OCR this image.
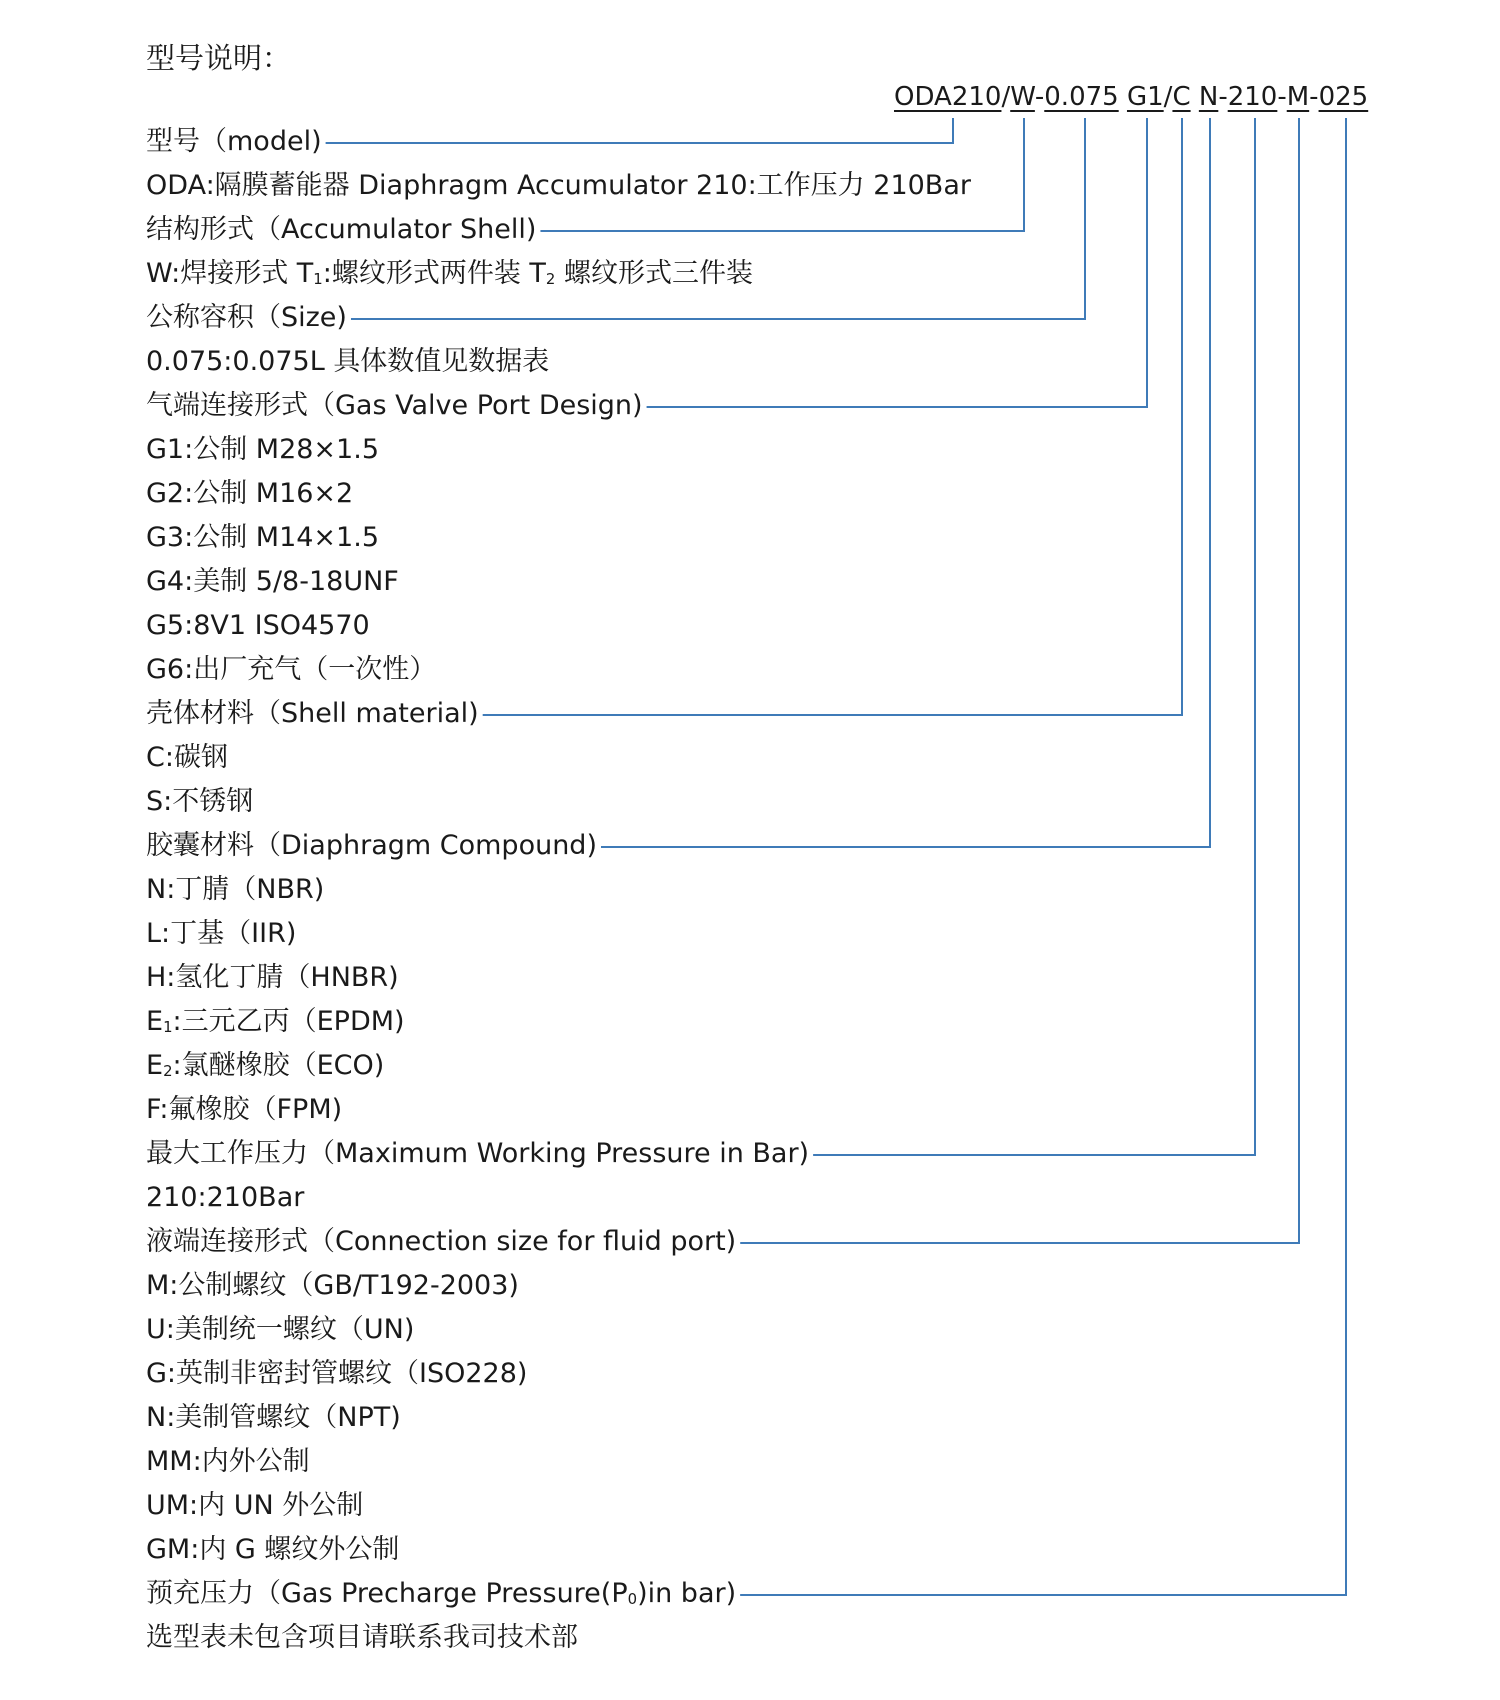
型号说明：
ODA210/W-0.075 G1/C N-210-M-025
型号（model)
ODA:隔膜蓄能器 Diaphragm Accumulator 210:工作压力 210Bar
结构形式（Accumulator Shell)
W:焊接形式 $T_1$:螺纹形式两件装 $T_2$ 螺纹形式三件装
公称容积（Size)
0.075:0.075L 具体数值见数据表
气端连接形式（Gas Valve Port Design)
G1:公制 M28×1.5
G2:公制 M16×2
G3:公制 M14×1.5
G4:美制 5/8-18UNF
G5:8V1 ISO4570
G6:出厂充气（一次性）
壳体材料（Shell material)
C:碳钢
S:不锈钢
胶囊材料（Diaphragm Compound)
N:丁腈（NBR)
L:丁基（IIR)
H:氢化丁腈（HNBR)
$E_1$:三元乙丙（EPDM)
$E_2$:氯醚橡胶（ECO)
F:氟橡胶（FPM)
最大工作压力（Maximum Working Pressure in Bar)
210:210Bar
液端连接形式（Connection size for fluid port)
M:公制螺纹（GB/T192-2003)
U:美制统一螺纹（UN)
G:英制非密封管螺纹（ISO228)
N:美制管螺纹（NPT)
MM:内外公制
UM:内 UN 外公制
GM:内 G 螺纹外公制
预充压力（Gas Precharge $Pressure(P_0)in$ bar)
选型表未包含项目请联系我司技术部
